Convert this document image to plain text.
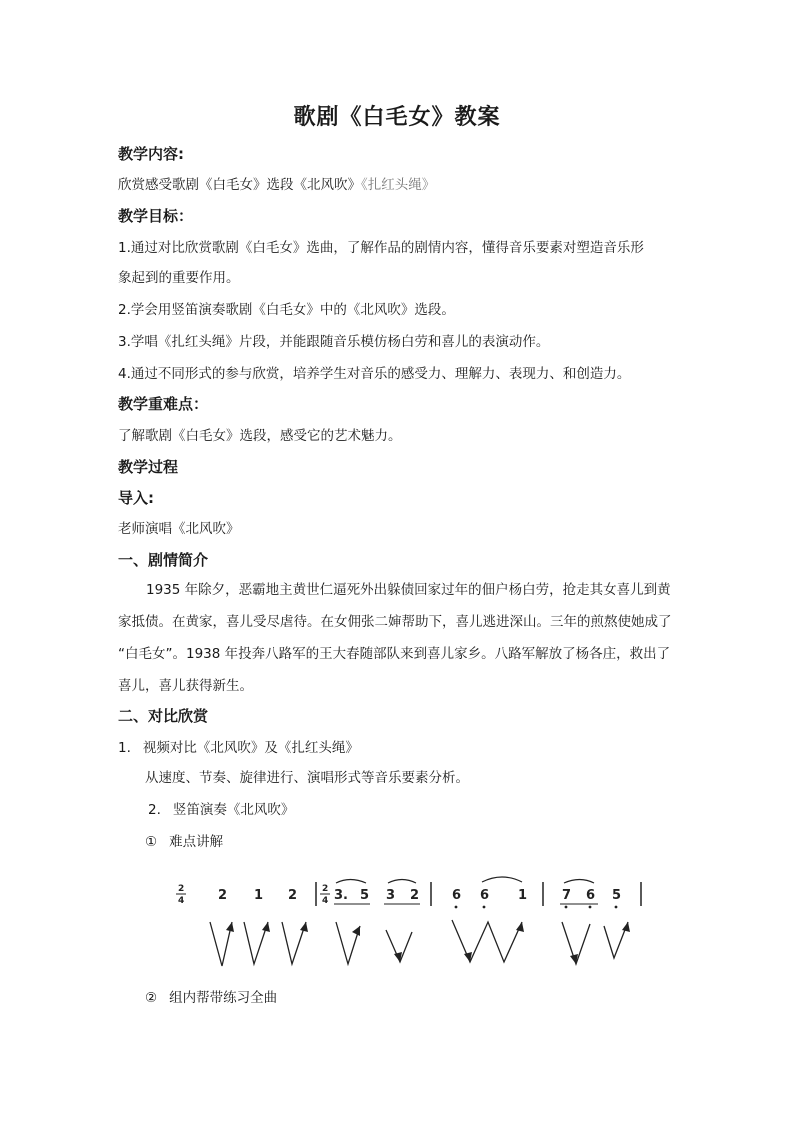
歌剧《白毛女》教案
教学内容:
欣赏感受歌剧《白毛女》选段《北风吹》《扎红头绳》
教学目标：
1.通过对比欣赏歌剧《白毛女》选曲，了解作品的剧情内容，懂得音乐要素对塑造音乐形
象起到的重要作用。
2.学会用竖笛演奏歌剧《白毛女》中的《北风吹》选段。
3.学唱《扎红头绳》片段，并能跟随音乐模仿杨白劳和喜儿的表演动作。
4.通过不同形式的参与欣赏，培养学生对音乐的感受力、理解力、表现力、和创造力。
教学重难点：
了解歌剧《白毛女》选段，感受它的艺术魅力。
教学过程
导入:
老师演唱《北风吹》
一、剧情简介
1935 年除夕，恶霸地主黄世仁逼死外出躲债回家过年的佃户杨白劳，抢走其女喜儿到黄家抵债。在黄家，喜儿受尽虐待。在女佣张二婶帮助下，喜儿逃进深山。三年的煎熬使她成了 “白毛女”。1938 年投奔八路军的王大春随部队来到喜儿家乡。八路军解放了杨各庄，救出了喜儿，喜儿获得新生。
二、对比欣赏
1. 视频对比《北风吹》及《扎红头绳》
从速度、节奏、旋律进行、演唱形式等音乐要素分析。
2. 竖笛演奏《北风吹》
① 难点讲解
2
4	2 1 2	2
4 3. 5 3 2	6 6 1	7 6 5
② 组内帮带练习全曲
